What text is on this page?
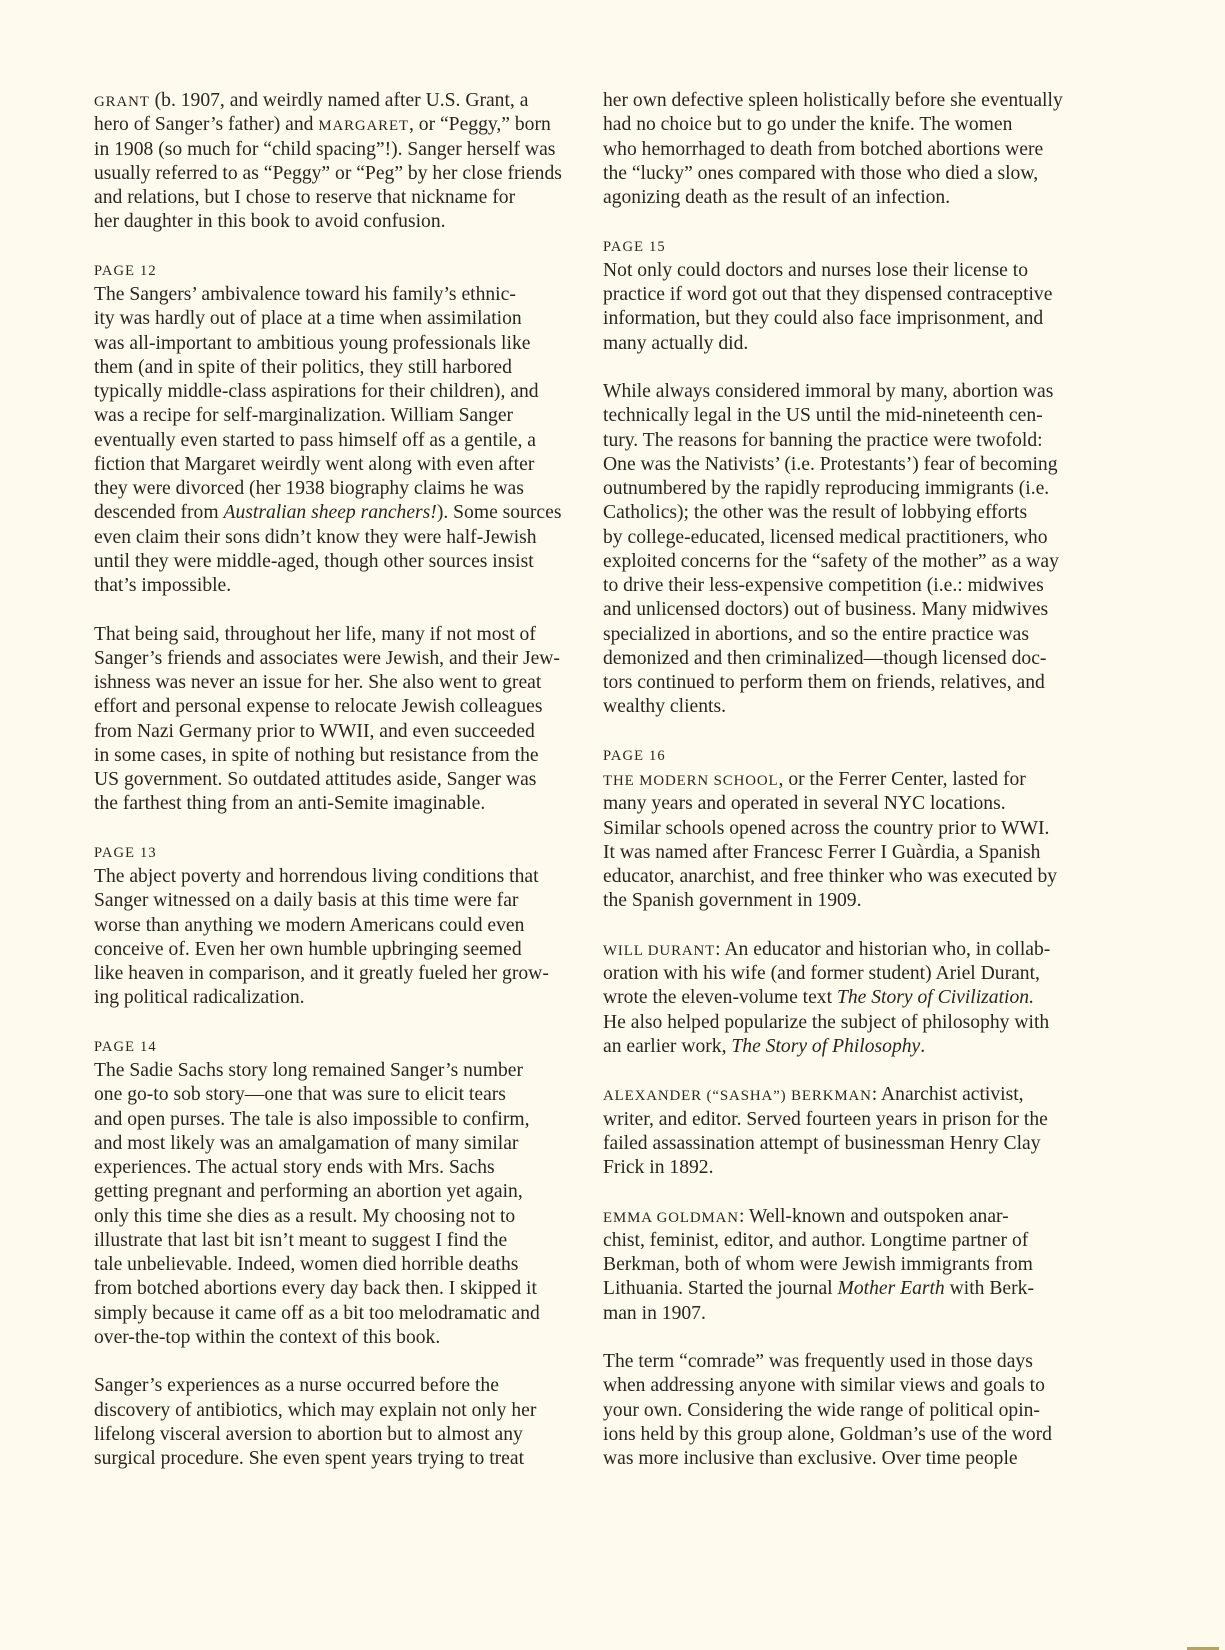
GRANT (b. 1907, and weirdly named after U.S. Grant, a
hero of Sanger’s father) and MARGARET, or “Peggy,” born
in 1908 (so much for “child spacing”!). Sanger herself was
usually referred to as “Peggy” or “Peg” by her close friends
and relations, but I chose to reserve that nickname for
her daughter in this book to avoid confusion.
PAGE 12
The Sangers’ ambivalence toward his family’s ethnic-
ity was hardly out of place at a time when assimilation
was all-important to ambitious young professionals like
them (and in spite of their politics, they still harbored
typically middle-class aspirations for their children), and
was a recipe for self-marginalization. William Sanger
eventually even started to pass himself off as a gentile, a
fiction that Margaret weirdly went along with even after
they were divorced (her 1938 biography claims he was
descended from Australian sheep ranchers!). Some sources
even claim their sons didn’t know they were half-Jewish
until they were middle-aged, though other sources insist
that’s impossible.
That being said, throughout her life, many if not most of
Sanger’s friends and associates were Jewish, and their Jew-
ishness was never an issue for her. She also went to great
effort and personal expense to relocate Jewish colleagues
from Nazi Germany prior to WWII, and even succeeded
in some cases, in spite of nothing but resistance from the
US government. So outdated attitudes aside, Sanger was
the farthest thing from an anti-Semite imaginable.
PAGE 13
The abject poverty and horrendous living conditions that
Sanger witnessed on a daily basis at this time were far
worse than anything we modern Americans could even
conceive of. Even her own humble upbringing seemed
like heaven in comparison, and it greatly fueled her grow-
ing political radicalization.
PAGE 14
The Sadie Sachs story long remained Sanger’s number
one go-to sob story—one that was sure to elicit tears
and open purses. The tale is also impossible to confirm,
and most likely was an amalgamation of many similar
experiences. The actual story ends with Mrs. Sachs
getting pregnant and performing an abortion yet again,
only this time she dies as a result. My choosing not to
illustrate that last bit isn’t meant to suggest I find the
tale unbelievable. Indeed, women died horrible deaths
from botched abortions every day back then. I skipped it
simply because it came off as a bit too melodramatic and
over-the-top within the context of this book.
Sanger’s experiences as a nurse occurred before the
discovery of antibiotics, which may explain not only her
lifelong visceral aversion to abortion but to almost any
surgical procedure. She even spent years trying to treat
her own defective spleen holistically before she eventually
had no choice but to go under the knife. The women
who hemorrhaged to death from botched abortions were
the “lucky” ones compared with those who died a slow,
agonizing death as the result of an infection.
PAGE 15
Not only could doctors and nurses lose their license to
practice if word got out that they dispensed contraceptive
information, but they could also face imprisonment, and
many actually did.
While always considered immoral by many, abortion was
technically legal in the US until the mid-nineteenth cen-
tury. The reasons for banning the practice were twofold:
One was the Nativists’ (i.e. Protestants’) fear of becoming
outnumbered by the rapidly reproducing immigrants (i.e.
Catholics); the other was the result of lobbying efforts
by college-educated, licensed medical practitioners, who
exploited concerns for the “safety of the mother” as a way
to drive their less-expensive competition (i.e.: midwives
and unlicensed doctors) out of business. Many midwives
specialized in abortions, and so the entire practice was
demonized and then criminalized—though licensed doc-
tors continued to perform them on friends, relatives, and
wealthy clients.
PAGE 16
THE MODERN SCHOOL, or the Ferrer Center, lasted for
many years and operated in several NYC locations.
Similar schools opened across the country prior to WWI.
It was named after Francesc Ferrer I Guàrdia, a Spanish
educator, anarchist, and free thinker who was executed by
the Spanish government in 1909.
WILL DURANT: An educator and historian who, in collab-
oration with his wife (and former student) Ariel Durant,
wrote the eleven-volume text The Story of Civilization.
He also helped popularize the subject of philosophy with
an earlier work, The Story of Philosophy.
ALEXANDER (“SASHA”) BERKMAN: Anarchist activist,
writer, and editor. Served fourteen years in prison for the
failed assassination attempt of businessman Henry Clay
Frick in 1892.
EMMA GOLDMAN: Well-known and outspoken anar-
chist, feminist, editor, and author. Longtime partner of
Berkman, both of whom were Jewish immigrants from
Lithuania. Started the journal Mother Earth with Berk-
man in 1907.
The term “comrade” was frequently used in those days
when addressing anyone with similar views and goals to
your own. Considering the wide range of political opin-
ions held by this group alone, Goldman’s use of the word
was more inclusive than exclusive. Over time people
